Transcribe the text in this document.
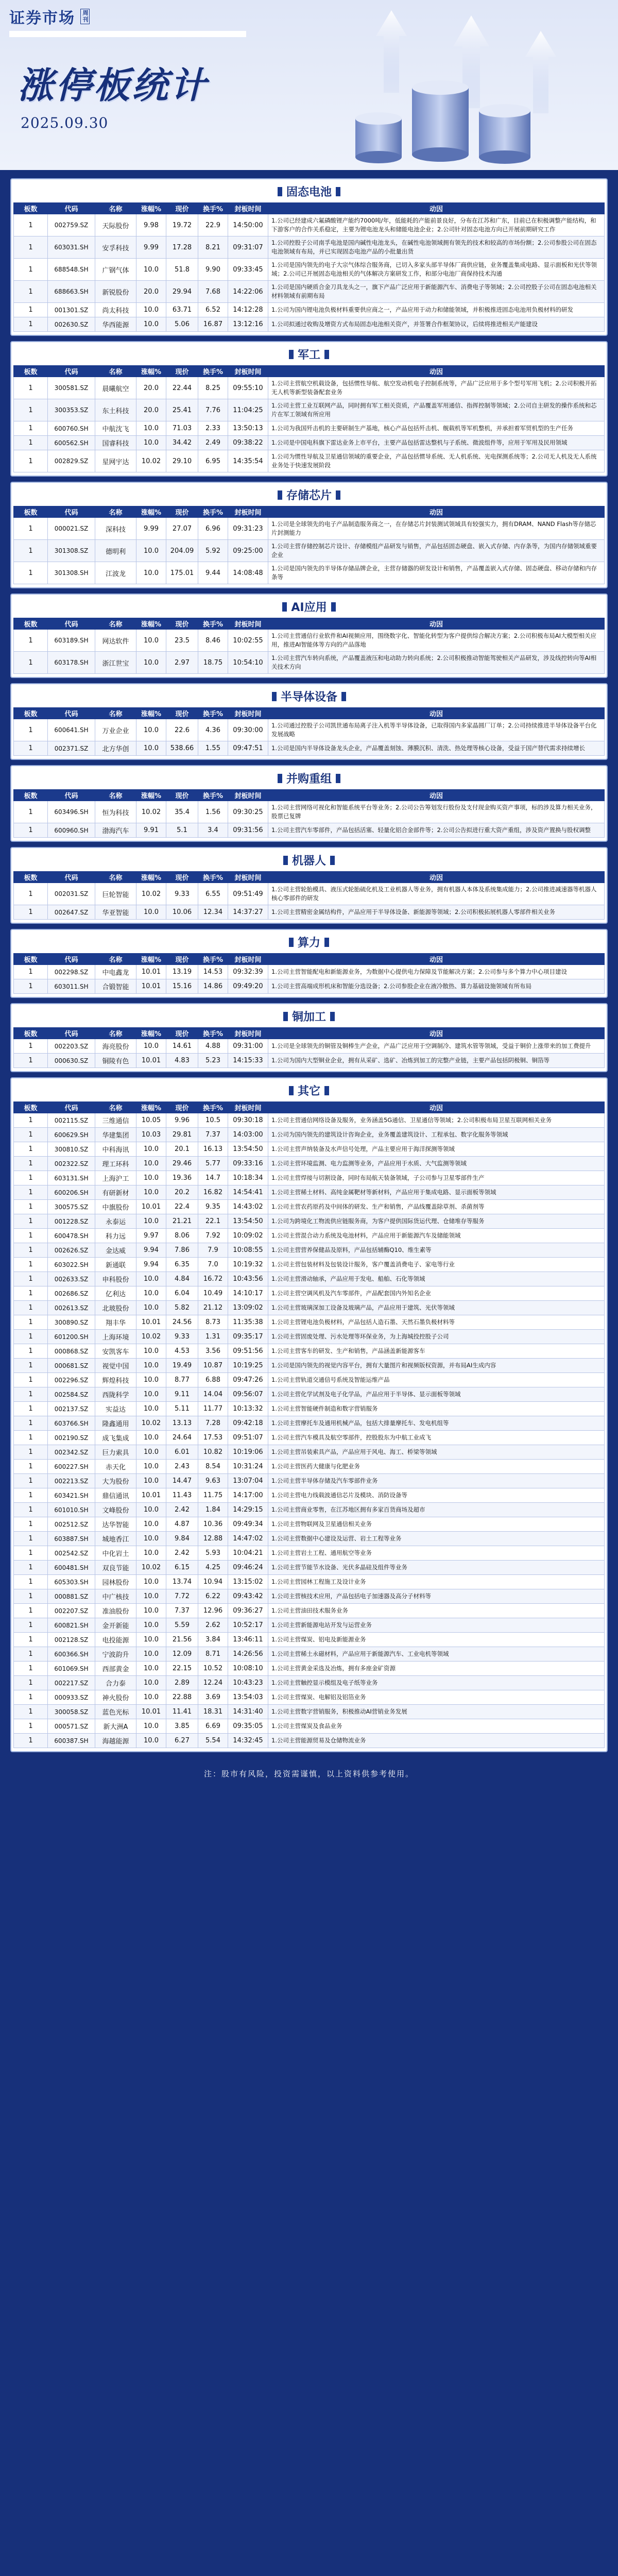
证券市场 周刊
涨停板统计
2025.09.30
固态电池
板数	代码	名称	涨幅%	现价	换手%	封板时间	动因
1	002759.SZ	天际股份	9.98	19.72	22.9	14:50:00	1.公司已经建成六氟磷酸锂产能约7000吨/年，低能耗的产能前景良好，分布在江苏和广东，目前已在积极调整产能结构，和下游客户的合作关系稳定，主要为锂电池龙头和储能电池企业；2.公司针对固态电池方向已开展前期研究工作
1	603031.SH	安孚科技	9.99	17.28	8.21	09:31:07	1.公司控股子公司南孚电池是国内碱性电池龙头，在碱性电池领域拥有领先的技术和较高的市场份额；2.公司参股公司在固态电池领域有布局，并已实现固态电池产品的小批量出货
1	688548.SH	广钢气体	10.0	51.8	9.90	09:33:45	1.公司是国内领先的电子大宗气体综合服务商，已切入多家头部半导体厂商供应链，业务覆盖集成电路、显示面板和光伏等领域；2.公司已开展固态电池相关的气体解决方案研发工作，和部分电池厂商保持技术沟通
1	688663.SH	新锐股份	20.0	29.94	7.68	14:22:06	1.公司是国内硬质合金刀具龙头之一，旗下产品广泛应用于新能源汽车、消费电子等领域；2.公司控股子公司在固态电池相关材料领域有前期布局
1	001301.SZ	尚太科技	10.0	63.71	6.52	14:12:28	1.公司为国内锂电池负极材料重要供应商之一，产品应用于动力和储能领域，并积极推进固态电池用负极材料的研发
1	002630.SZ	华西能源	10.0	5.06	16.87	13:12:16	1.公司拟通过收购及增资方式布局固态电池相关资产，并签署合作框架协议，后续将推进相关产能建设
军工
板数	代码	名称	涨幅%	现价	换手%	封板时间	动因
1	300581.SZ	晨曦航空	20.0	22.44	8.25	09:55:10	1.公司主营航空机载设备，包括惯性导航、航空发动机电子控制系统等，产品广泛应用于多个型号军用飞机；2.公司积极开拓无人机等新型装备配套业务
1	300353.SZ	东土科技	20.0	25.41	7.76	11:04:25	1.公司主营工业互联网产品，同时拥有军工相关资质，产品覆盖军用通信、指挥控制等领域；2.公司自主研发的操作系统和芯片在军工领域有所应用
1	600760.SH	中航沈飞	10.0	71.03	2.33	13:50:13	1.公司为我国歼击机的主要研制生产基地，核心产品包括歼击机、舰载机等军机整机，并承担着军贸机型的生产任务
1	600562.SH	国睿科技	10.0	34.42	2.49	09:38:22	1.公司是中国电科旗下雷达业务上市平台，主要产品包括雷达整机与子系统、微波组件等，应用于军用及民用领域
1	002829.SZ	星网宇达	10.02	29.10	6.95	14:35:54	1.公司为惯性导航及卫星通信领域的重要企业，产品包括惯导系统、无人机系统、光电探测系统等；2.公司无人机及无人系统业务处于快速发展阶段
存储芯片
板数	代码	名称	涨幅%	现价	换手%	封板时间	动因
1	000021.SZ	深科技	9.99	27.07	6.96	09:31:23	1.公司是全球领先的电子产品制造服务商之一，在存储芯片封装测试领域具有较强实力，拥有DRAM、NAND Flash等存储芯片封测能力
1	301308.SZ	德明利	10.0	204.09	5.92	09:25:00	1.公司主营存储控制芯片设计、存储模组产品研发与销售，产品包括固态硬盘、嵌入式存储、内存条等，为国内存储领域重要企业
1	301308.SH	江波龙	10.0	175.01	9.44	14:08:48	1.公司是国内领先的半导体存储品牌企业，主营存储器的研发设计和销售，产品覆盖嵌入式存储、固态硬盘、移动存储和内存条等
AI应用
板数	代码	名称	涨幅%	现价	换手%	封板时间	动因
1	603189.SH	网达软件	10.0	23.5	8.46	10:02:55	1.公司主营通信行业软件和AI视频应用，围绕数字化、智能化转型为客户提供综合解决方案；2.公司积极布局AI大模型相关应用，推进AI智能体等方向的产品落地
1	603178.SH	浙江世宝	10.0	2.97	18.75	10:54:10	1.公司主营汽车转向系统，产品覆盖液压和电动助力转向系统；2.公司积极推动智能驾驶相关产品研发，涉及线控转向等AI相关技术方向
半导体设备
板数	代码	名称	涨幅%	现价	换手%	封板时间	动因
1	600641.SH	万业企业	10.0	22.6	4.36	09:30:00	1.公司通过控股子公司凯世通布局离子注入机等半导体设备，已取得国内多家晶圆厂订单；2.公司持续推进半导体设备平台化发展战略
1	002371.SZ	北方华创	10.0	538.66	1.55	09:47:51	1.公司是国内半导体设备龙头企业，产品覆盖刻蚀、薄膜沉积、清洗、热处理等核心设备，受益于国产替代需求持续增长
并购重组
板数	代码	名称	涨幅%	现价	换手%	封板时间	动因
1	603496.SH	恒为科技	10.02	35.4	1.56	09:30:25	1.公司主营网络可视化和智能系统平台等业务；2.公司公告筹划发行股份及支付现金购买资产事项，标的涉及算力相关业务，股票已复牌
1	600960.SH	渤海汽车	9.91	5.1	3.4	09:31:56	1.公司主营汽车零部件，产品包括活塞、轻量化铝合金部件等；2.公司公告拟进行重大资产重组，涉及资产置换与股权调整
机器人
板数	代码	名称	涨幅%	现价	换手%	封板时间	动因
1	002031.SZ	巨轮智能	10.02	9.33	6.55	09:51:49	1.公司主营轮胎模具、液压式轮胎硫化机及工业机器人等业务，拥有机器人本体及系统集成能力；2.公司推进减速器等机器人核心零部件的研发
1	002647.SZ	华亚智能	10.0	10.06	12.34	14:37:27	1.公司主营精密金属结构件，产品应用于半导体设备、新能源等领域；2.公司积极拓展机器人零部件相关业务
算力
板数	代码	名称	涨幅%	现价	换手%	封板时间	动因
1	002298.SZ	中电鑫龙	10.01	13.19	14.53	09:32:39	1.公司主营智能配电和新能源业务，为数据中心提供电力保障及节能解决方案；2.公司参与多个算力中心项目建设
1	603011.SH	合锻智能	10.01	15.16	14.86	09:49:20	1.公司主营高端成形机床和智能分选设备；2.公司参股企业在液冷散热、算力基础设施领域有所布局
铜加工
板数	代码	名称	涨幅%	现价	换手%	封板时间	动因
1	002203.SZ	海亮股份	10.0	14.61	4.88	09:31:00	1.公司是全球领先的铜管及铜棒生产企业，产品广泛应用于空调制冷、建筑水管等领域，受益于铜价上涨带来的加工费提升
1	000630.SZ	铜陵有色	10.01	4.83	5.23	14:15:33	1.公司为国内大型铜业企业，拥有从采矿、选矿、冶炼到加工的完整产业链，主要产品包括阴极铜、铜箔等
其它
板数	代码	名称	涨幅%	现价	换手%	封板时间	动因
1	002115.SZ	三维通信	10.05	9.96	10.5	09:30:18	1.公司主营通信网络设备及服务，业务涵盖5G通信、卫星通信等领域；2.公司积极布局卫星互联网相关业务
1	600629.SH	华建集团	10.03	29.81	7.37	14:03:00	1.公司为国内领先的建筑设计咨询企业，业务覆盖建筑设计、工程承包、数字化服务等领域
1	300810.SZ	中科海讯	10.0	20.1	16.13	13:54:50	1.公司主营声纳装备及水声信号处理，产品主要应用于海洋探测等领域
1	002322.SZ	理工环科	10.0	29.46	5.77	09:33:16	1.公司主营环境监测、电力监测等业务，产品应用于水质、大气监测等领域
1	603131.SH	上海沪工	10.0	19.36	14.7	10:18:34	1.公司主营焊接与切割设备，同时布局航天装备领域，子公司参与卫星零部件生产
1	600206.SH	有研新材	10.0	20.2	16.82	14:54:41	1.公司主营稀土材料、高纯金属靶材等新材料，产品应用于集成电路、显示面板等领域
1	300575.SZ	中旗股份	10.01	22.4	9.35	14:43:02	1.公司主营农药原药及中间体的研发、生产和销售，产品线覆盖除草剂、杀菌剂等
1	001228.SZ	永泰运	10.0	21.21	22.1	13:54:50	1.公司为跨境化工物流供应链服务商，为客户提供国际货运代理、仓储堆存等服务
1	600478.SH	科力远	9.97	8.06	7.92	10:09:02	1.公司主营混合动力系统及电池材料，产品应用于新能源汽车及储能领域
1	002626.SZ	金达威	9.94	7.86	7.9	10:08:55	1.公司主营营养保健品及原料，产品包括辅酶Q10、维生素等
1	603022.SH	新通联	9.94	6.35	7.0	10:19:32	1.公司主营包装材料及包装设计服务，客户覆盖消费电子、家电等行业
1	002633.SZ	申科股份	10.0	4.84	16.72	10:43:56	1.公司主营滑动轴承，产品应用于发电、船舶、石化等领域
1	002686.SZ	亿利达	10.0	6.04	10.49	14:10:17	1.公司主营空调风机及汽车零部件，产品配套国内外知名企业
1	002613.SZ	北玻股份	10.0	5.82	21.12	13:09:02	1.公司主营玻璃深加工设备及玻璃产品，产品应用于建筑、光伏等领域
1	300890.SZ	翔丰华	10.01	24.56	8.73	11:35:38	1.公司主营锂电池负极材料，产品包括人造石墨、天然石墨负极材料等
1	601200.SH	上海环境	10.02	9.33	1.31	09:35:17	1.公司主营固废处理、污水处理等环保业务，为上海城投控股子公司
1	000868.SZ	安凯客车	10.0	4.53	3.56	09:51:56	1.公司主营客车的研发、生产和销售，产品涵盖新能源客车
1	000681.SZ	视觉中国	10.0	19.49	10.87	10:19:25	1.公司是国内领先的视觉内容平台，拥有大量图片和视频版权资源，并布局AI生成内容
1	002296.SZ	辉煌科技	10.0	8.77	6.88	09:47:26	1.公司主营轨道交通信号系统及智能运维产品
1	002584.SZ	西陇科学	10.0	9.11	14.04	09:56:07	1.公司主营化学试剂及电子化学品，产品应用于半导体、显示面板等领域
1	002137.SZ	实益达	10.0	5.11	11.77	10:13:32	1.公司主营智能硬件制造和数字营销服务
1	603766.SH	隆鑫通用	10.02	13.13	7.28	09:42:18	1.公司主营摩托车及通用机械产品，包括大排量摩托车、发电机组等
1	002190.SZ	成飞集成	10.0	24.64	17.53	09:51:07	1.公司主营汽车模具及航空零部件，控股股东为中航工业成飞
1	002342.SZ	巨力索具	10.0	6.01	10.82	10:19:06	1.公司主营吊装索具产品，产品应用于风电、海工、桥梁等领域
1	600227.SH	赤天化	10.0	2.43	8.54	10:31:24	1.公司主营医药大健康与化肥业务
1	002213.SZ	大为股份	10.0	14.47	9.63	13:07:04	1.公司主营半导体存储及汽车零部件业务
1	603421.SH	鼎信通讯	10.01	11.43	11.75	14:17:00	1.公司主营电力线载波通信芯片及模块、消防设备等
1	601010.SH	文峰股份	10.0	2.42	1.84	14:29:15	1.公司主营商业零售，在江苏地区拥有多家百货商场及超市
1	002512.SZ	达华智能	10.0	4.87	10.36	09:49:34	1.公司主营物联网及卫星通信相关业务
1	603887.SH	城地香江	10.0	9.84	12.88	14:47:02	1.公司主营数据中心建设及运营、岩土工程等业务
1	002542.SZ	中化岩土	10.0	2.42	5.93	10:04:21	1.公司主营岩土工程、通用航空等业务
1	600481.SH	双良节能	10.02	6.15	4.25	09:46:24	1.公司主营节能节水设备、光伏多晶硅及组件等业务
1	605303.SH	园林股份	10.0	13.74	10.94	13:15:02	1.公司主营园林工程施工及设计业务
1	000881.SZ	中广核技	10.0	7.72	6.22	09:43:42	1.公司主营核技术应用，产品包括电子加速器及高分子材料等
1	002207.SZ	准油股份	10.0	7.37	12.96	09:36:27	1.公司主营油田技术服务业务
1	600821.SH	金开新能	10.0	5.59	2.62	10:52:17	1.公司主营新能源电站开发与运营业务
1	002128.SZ	电投能源	10.0	21.56	3.84	13:46:11	1.公司主营煤炭、铝电及新能源业务
1	600366.SH	宁波韵升	10.0	12.09	8.71	14:26:56	1.公司主营稀土永磁材料，产品应用于新能源汽车、工业电机等领域
1	601069.SH	西部黄金	10.0	22.15	10.52	10:08:10	1.公司主营黄金采选及冶炼，拥有多座金矿资源
1	002217.SZ	合力泰	10.0	2.89	12.24	10:43:23	1.公司主营触控显示模组及电子纸等业务
1	000933.SZ	神火股份	10.0	22.88	3.69	13:54:03	1.公司主营煤炭、电解铝及铝箔业务
1	300058.SZ	蓝色光标	10.01	11.41	18.31	14:31:40	1.公司主营数字营销服务，积极推动AI营销业务发展
1	000571.SZ	新大洲A	10.0	3.85	6.69	09:35:05	1.公司主营煤炭及食品业务
1	600387.SH	海越能源	10.0	6.27	5.54	14:32:45	1.公司主营能源贸易及仓储物流业务
注：股市有风险，投资需谨慎，以上资料供参考使用。
